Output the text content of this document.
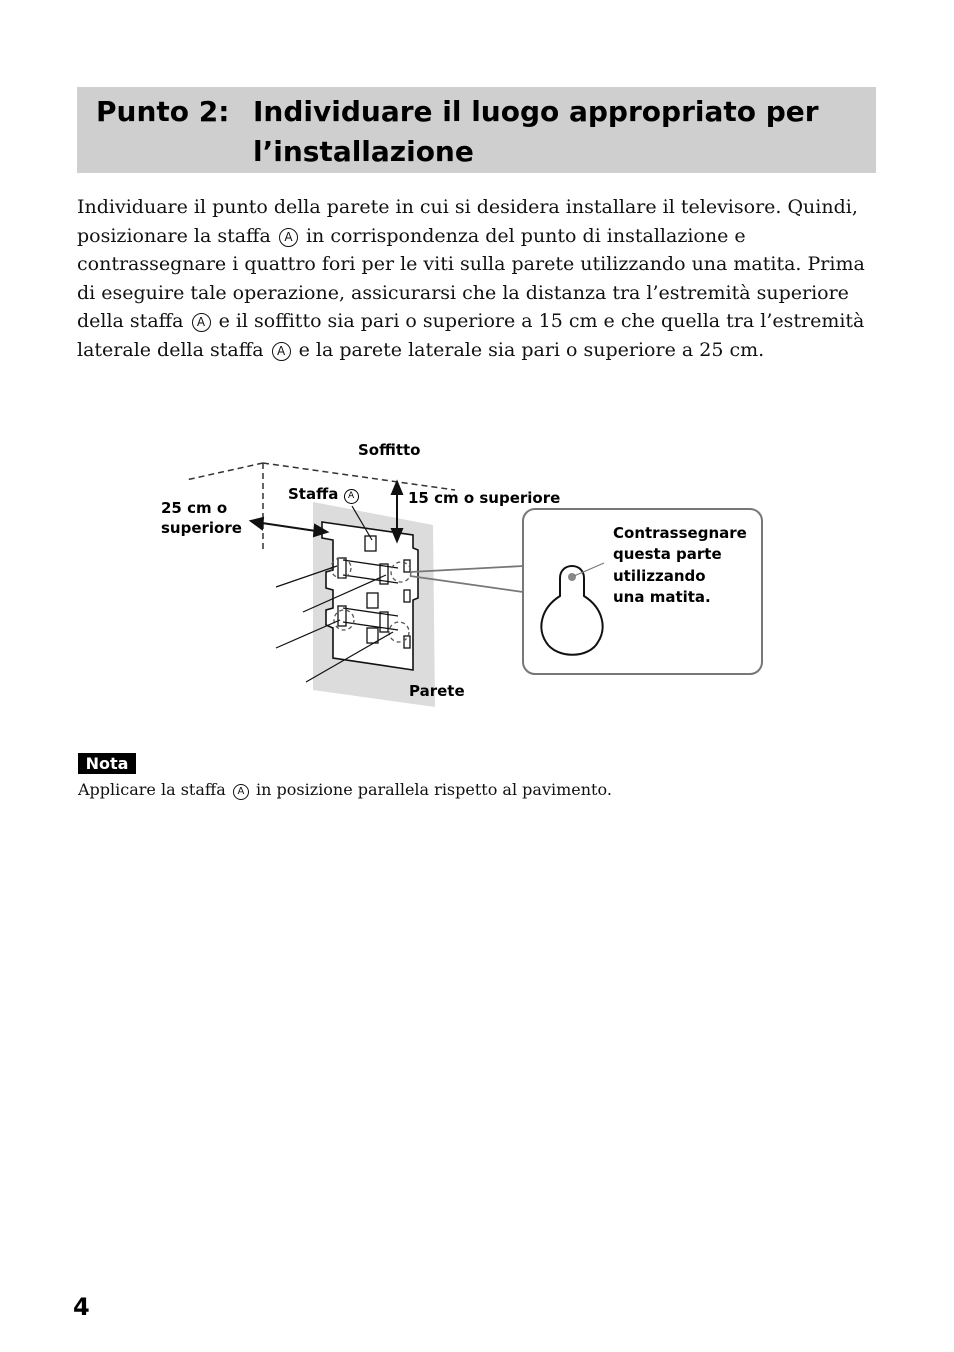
Punto 2: Individuare il luogo appropriato per l’installazione
Individuare il punto della parete in cui si desidera installare il televisore. Quindi, posizionare la staffa A in corrispondenza del punto di installazione e contrassegnare i quattro fori per le viti sulla parete utilizzando una matita. Prima di eseguire tale operazione, assicurarsi che la distanza tra l’estremità superiore della staffa A e il soffitto sia pari o superiore a 15 cm e che quella tra l’estremità laterale della staffa A e la parete laterale sia pari o superiore a 25 cm.
Soffitto
Staffa A	15 cm o superiore
25 cm o
superiore
Parete
Contrassegnare
questa parte
utilizzando
una matita.
Nota
Applicare la staffa A in posizione parallela rispetto al pavimento.
4
